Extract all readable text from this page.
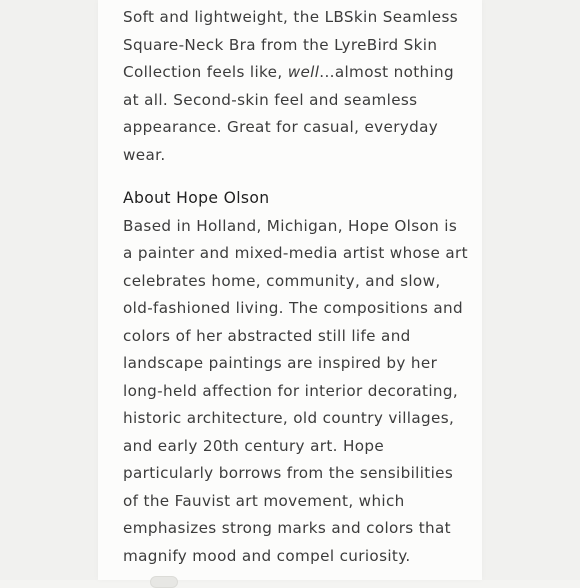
Soft and lightweight, the LBSkin Seamless Square-Neck Bra from the LyreBird Skin Collection feels like, well...almost nothing at all. Second-skin feel and seamless appearance. Great for casual, everyday wear.

About Hope Olson

Based in Holland, Michigan, Hope Olson is a painter and mixed-media artist whose art celebrates home, community, and slow, old-fashioned living. The compositions and colors of her abstracted still life and landscape paintings are inspired by her long-held affection for interior decorating, historic architecture, old country villages, and early 20th century art. Hope particularly borrows from the sensibilities of the Fauvist art movement, which emphasizes strong marks and colors that magnify mood and compel curiosity.
